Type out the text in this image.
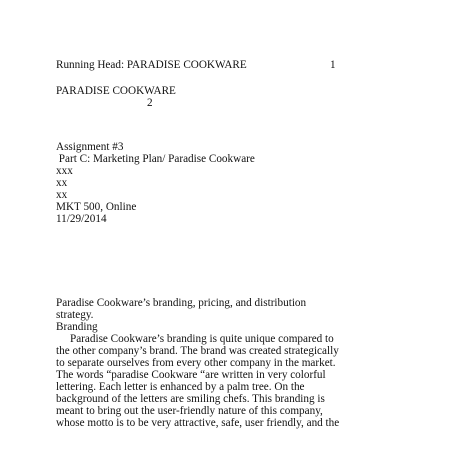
Running Head: PARADISE COOKWARE	1
PARADISE COOKWARE
2
Assignment #3
Part C: Marketing Plan/ Paradise Cookware
xxx
xx
xx
MKT 500, Online
11/29/2014
Paradise Cookware’s branding, pricing, and distribution
strategy.
Branding
Paradise Cookware’s branding is quite unique compared to
the other company’s brand. The brand was created strategically
to separate ourselves from every other company in the market.
The words “paradise Cookware “are written in very colorful
lettering. Each letter is enhanced by a palm tree. On the
background of the letters are smiling chefs. This branding is
meant to bring out the user-friendly nature of this company,
whose motto is to be very attractive, safe, user friendly, and the
